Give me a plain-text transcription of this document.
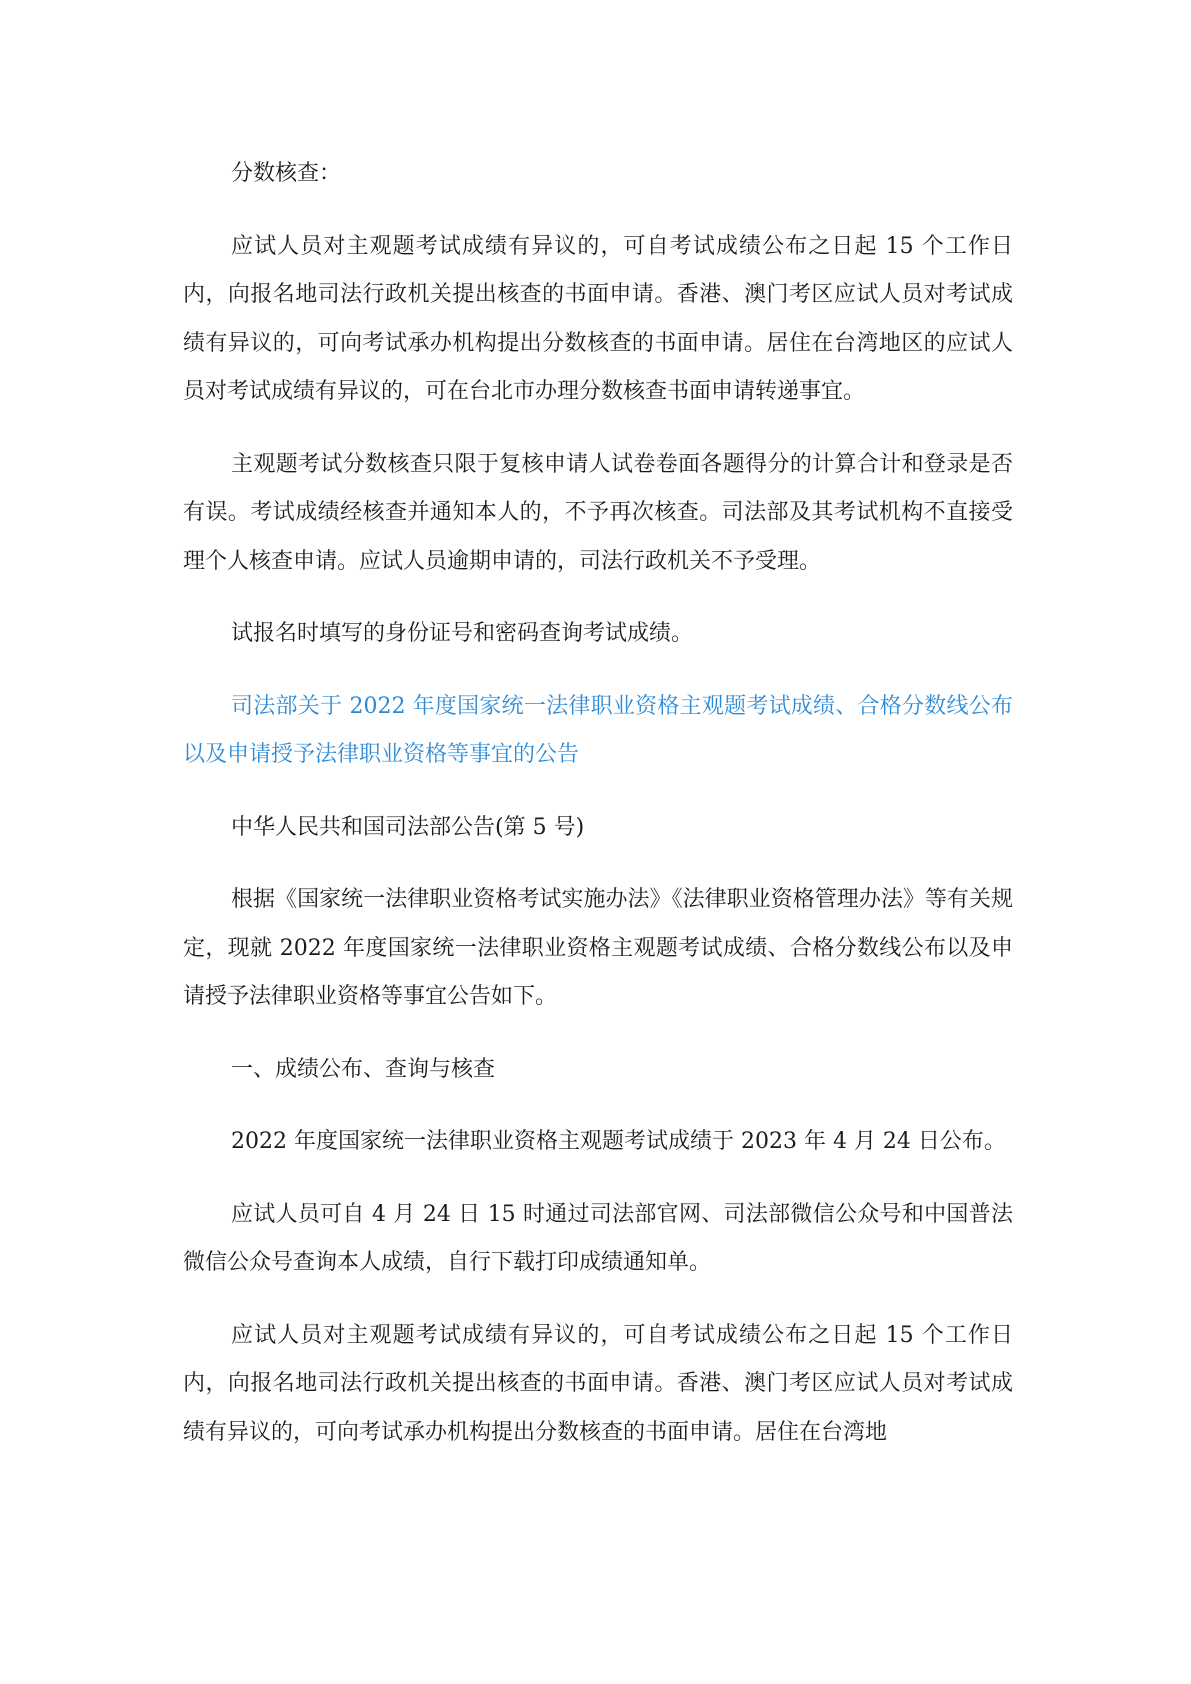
分数核查：

应试人员对主观题考试成绩有异议的，可自考试成绩公布之日起 15 个工作日内，向报名地司法行政机关提出核查的书面申请。香港、澳门考区应试人员对考试成绩有异议的，可向考试承办机构提出分数核查的书面申请。居住在台湾地区的应试人员对考试成绩有异议的，可在台北市办理分数核查书面申请转递事宜。

主观题考试分数核查只限于复核申请人试卷卷面各题得分的计算合计和登录是否有误。考试成绩经核查并通知本人的，不予再次核查。司法部及其考试机构不直接受理个人核查申请。应试人员逾期申请的，司法行政机关不予受理。

试报名时填写的身份证号和密码查询考试成绩。

司法部关于 2022 年度国家统一法律职业资格主观题考试成绩、合格分数线公布以及申请授予法律职业资格等事宜的公告

中华人民共和国司法部公告(第 5 号)

根据《国家统一法律职业资格考试实施办法》《法律职业资格管理办法》等有关规定，现就 2022 年度国家统一法律职业资格主观题考试成绩、合格分数线公布以及申请授予法律职业资格等事宜公告如下。

一、成绩公布、查询与核查

2022 年度国家统一法律职业资格主观题考试成绩于 2023 年 4 月 24 日公布。

应试人员可自 4 月 24 日 15 时通过司法部官网、司法部微信公众号和中国普法微信公众号查询本人成绩，自行下载打印成绩通知单。

应试人员对主观题考试成绩有异议的，可自考试成绩公布之日起 15 个工作日内，向报名地司法行政机关提出核查的书面申请。香港、澳门考区应试人员对考试成绩有异议的，可向考试承办机构提出分数核查的书面申请。居住在台湾地
